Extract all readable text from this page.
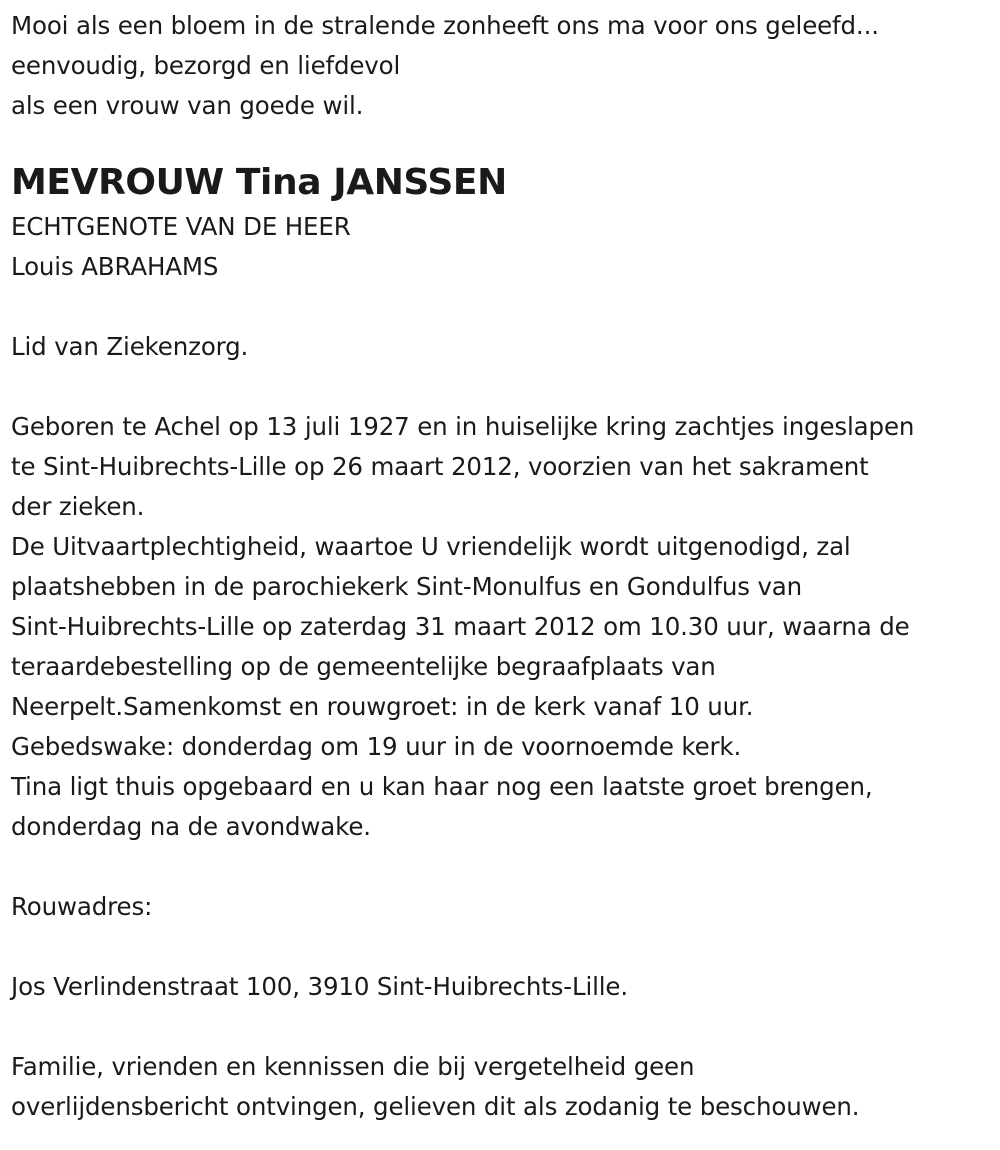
Mooi als een bloem in de stralende zonheeft ons ma voor ons geleefd...
eenvoudig, bezorgd en liefdevol
als een vrouw van goede wil.
MEVROUW Tina JANSSEN
ECHTGENOTE VAN DE HEER
Louis ABRAHAMS
Lid van Ziekenzorg.
Geboren te Achel op 13 juli 1927 en in huiselijke kring zachtjes ingeslapen
te Sint-Huibrechts-Lille op 26 maart 2012, voorzien van het sakrament
der zieken.
De Uitvaartplechtigheid, waartoe U vriendelijk wordt uitgenodigd, zal
plaatshebben in de parochiekerk Sint-Monulfus en Gondulfus van
Sint-Huibrechts-Lille op zaterdag 31 maart 2012 om 10.30 uur, waarna de
teraardebestelling op de gemeentelijke begraafplaats van
Neerpelt.Samenkomst en rouwgroet: in de kerk vanaf 10 uur.
Gebedswake: donderdag om 19 uur in de voornoemde kerk.
Tina ligt thuis opgebaard en u kan haar nog een laatste groet brengen,
donderdag na de avondwake.
Rouwadres:
Jos Verlindenstraat 100, 3910 Sint-Huibrechts-Lille.
Familie, vrienden en kennissen die bij vergetelheid geen
overlijdensbericht ontvingen, gelieven dit als zodanig te beschouwen.
